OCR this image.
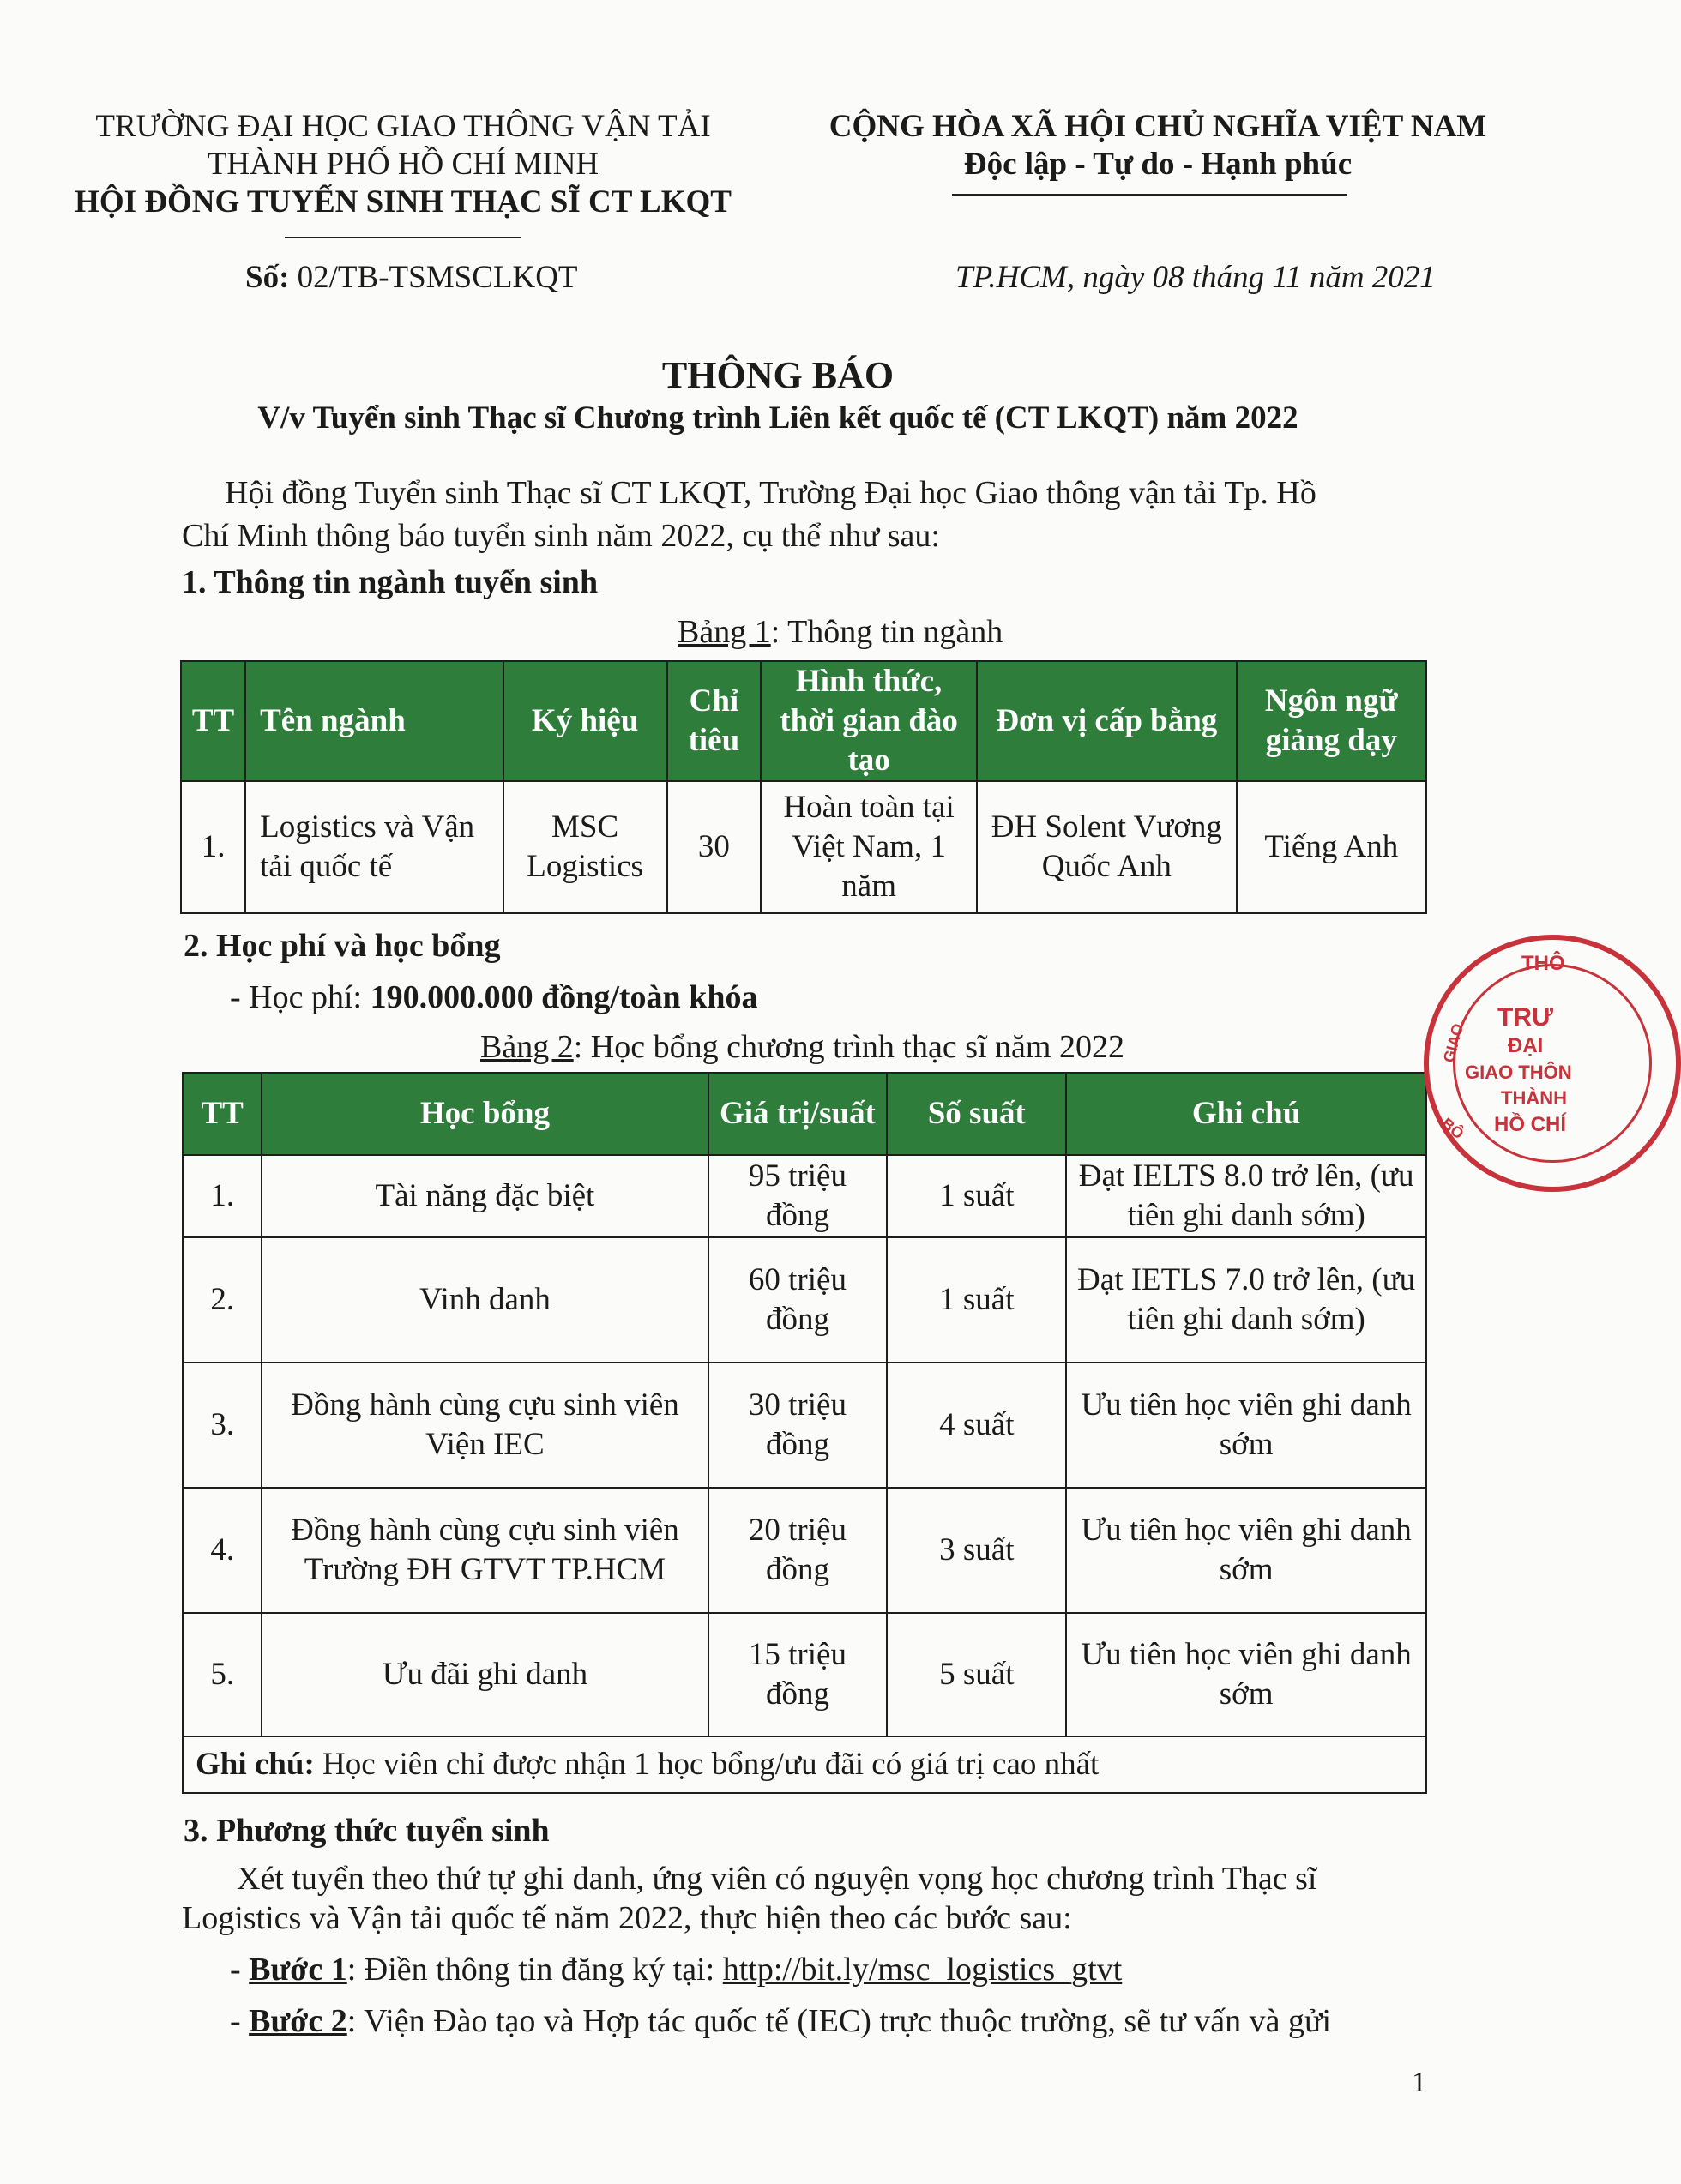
TRƯỜNG ĐẠI HỌC GIAO THÔNG VẬN TẢI
THÀNH PHỐ HỒ CHÍ MINH
HỘI ĐỒNG TUYỂN SINH THẠC SĨ CT LKQT
CỘNG HÒA XÃ HỘI CHỦ NGHĨA VIỆT NAM
Độc lập - Tự do - Hạnh phúc
Số: 02/TB-TSMSCLKQT	TP.HCM, ngày 08 tháng 11 năm 2021
THÔNG BÁO
V/v Tuyển sinh Thạc sĩ Chương trình Liên kết quốc tế (CT LKQT) năm 2022
Hội đồng Tuyển sinh Thạc sĩ CT LKQT, Trường Đại học Giao thông vận tải Tp. Hồ
Chí Minh thông báo tuyển sinh năm 2022, cụ thể như sau:
1. Thông tin ngành tuyển sinh
Bảng 1: Thông tin ngành
TT	Tên ngành	Ký hiệu	Chỉ tiêu	Hình thức, thời gian đào tạo	Đơn vị cấp bằng	Ngôn ngữ giảng dạy
1.	Logistics và Vận tải quốc tế	MSC Logistics	30	Hoàn toàn tại Việt Nam, 1 năm	ĐH Solent Vương Quốc Anh	Tiếng Anh
2. Học phí và học bổng
- Học phí: 190.000.000 đồng/toàn khóa
Bảng 2: Học bổng chương trình thạc sĩ năm 2022
TT	Học bổng	Giá trị/suất	Số suất	Ghi chú
1.	Tài năng đặc biệt	95 triệu đồng	1 suất	Đạt IELTS 8.0 trở lên, (ưu tiên ghi danh sớm)
2.	Vinh danh	60 triệu đồng	1 suất	Đạt IETLS 7.0 trở lên, (ưu tiên ghi danh sớm)
3.	Đồng hành cùng cựu sinh viên Viện IEC	30 triệu đồng	4 suất	Ưu tiên học viên ghi danh sớm
4.	Đồng hành cùng cựu sinh viên Trường ĐH GTVT TP.HCM	20 triệu đồng	3 suất	Ưu tiên học viên ghi danh sớm
5.	Ưu đãi ghi danh	15 triệu đồng	5 suất	Ưu tiên học viên ghi danh sớm
Ghi chú: Học viên chỉ được nhận 1 học bổng/ưu đãi có giá trị cao nhất				
3. Phương thức tuyển sinh
Xét tuyển theo thứ tự ghi danh, ứng viên có nguyện vọng học chương trình Thạc sĩ
Logistics và Vận tải quốc tế năm 2022, thực hiện theo các bước sau:
- Bước 1: Điền thông tin đăng ký tại: http://bit.ly/msc_logistics_gtvt
- Bước 2: Viện Đào tạo và Hợp tác quốc tế (IEC) trực thuộc trường, sẽ tư vấn và gửi
1
THÔ
TRƯ
ĐẠI
GIAO THÔN
THÀNH
HỒ CHÍ
GIAO
BỘ
